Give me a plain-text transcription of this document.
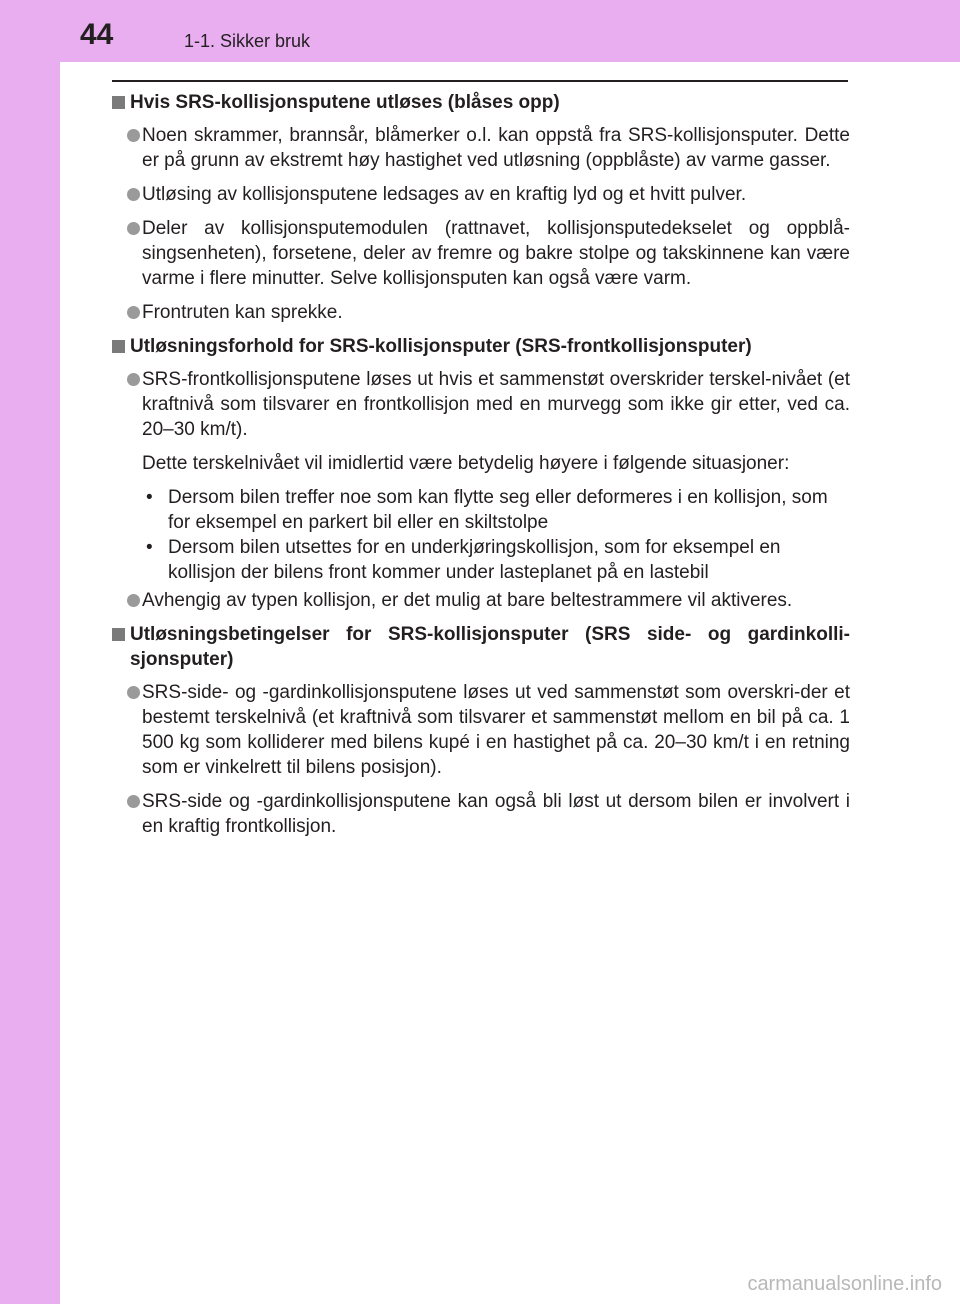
44	1-1. Sikker bruk
Hvis SRS-kollisjonsputene utløses (blåses opp)
Noen skrammer, brannsår, blåmerker o.l. kan oppstå fra SRS-kollisjonsputer. Dette er på grunn av ekstremt høy hastighet ved utløsning (oppblåste) av varme gasser.
Utløsing av kollisjonsputene ledsages av en kraftig lyd og et hvitt pulver.
Deler av kollisjonsputemodulen (rattnavet, kollisjonsputedekselet og oppblå-singsenheten), forsetene, deler av fremre og bakre stolpe og takskinnene kan være varme i flere minutter. Selve kollisjonsputen kan også være varm.
Frontruten kan sprekke.
Utløsningsforhold for SRS-kollisjonsputer (SRS-frontkollisjonsputer)
SRS-frontkollisjonsputene løses ut hvis et sammenstøt overskrider terskel-nivået (et kraftnivå som tilsvarer en frontkollisjon med en murvegg som ikke gir etter, ved ca. 20–30 km/t).
Dette terskelnivået vil imidlertid være betydelig høyere i følgende situasjoner:
• Dersom bilen treffer noe som kan flytte seg eller deformeres i en kollisjon, som for eksempel en parkert bil eller en skiltstolpe
• Dersom bilen utsettes for en underkjøringskollisjon, som for eksempel en kollisjon der bilens front kommer under lasteplanet på en lastebil
Avhengig av typen kollisjon, er det mulig at bare beltestrammere vil aktiveres.
Utløsningsbetingelser for SRS-kollisjonsputer (SRS side- og gardinkolli-sjonsputer)
SRS-side- og -gardinkollisjonsputene løses ut ved sammenstøt som overskri-der et bestemt terskelnivå (et kraftnivå som tilsvarer et sammenstøt mellom en bil på ca. 1 500 kg som kolliderer med bilens kupé i en hastighet på ca. 20–30 km/t i en retning som er vinkelrett til bilens posisjon).
SRS-side og -gardinkollisjonsputene kan også bli løst ut dersom bilen er involvert i en kraftig frontkollisjon.
carmanualsonline.info
